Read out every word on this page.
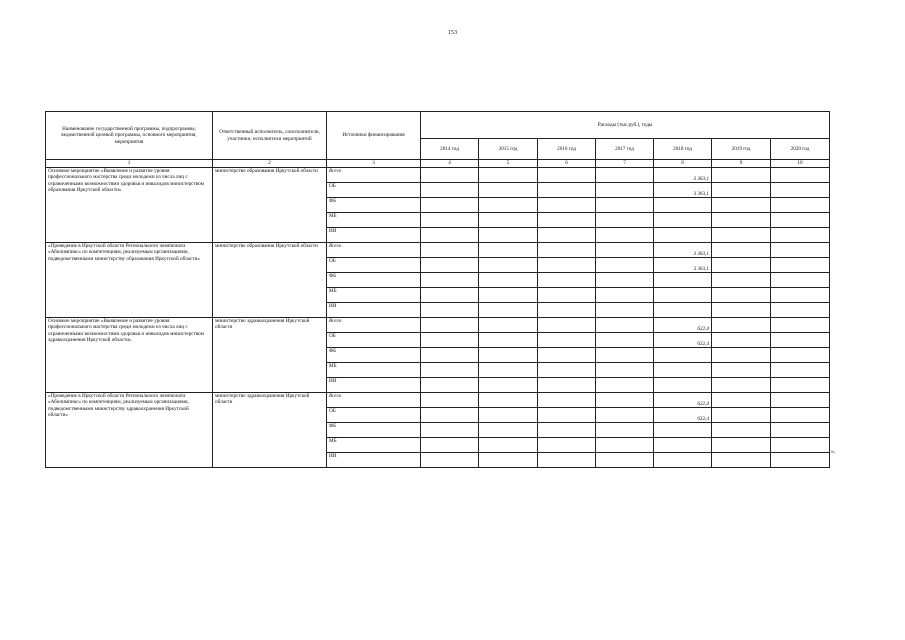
153
Наименование государственной программы, подпрограммы, ведомственной целевой программы, основного мероприятия, мероприятия	Ответственный исполнитель, соисполнители, участники, исполнители мероприятий	Источники финансирования	Расходы (тыс.руб.), годы						
			2014 год	2015 год	2016 год	2017 год	2018 год	2019 год	2020 год
1	2	3	4	5	6	7	8	9	10
Основное мероприятие «Выявление и развитие уровня профессионального мастерства среди молодежи из числа лиц с ограниченными возможностями здоровья и инвалидов министерством образования Иркутской области»	министерство образования Иркутской области	Всего					3 363,1		
		ОБ					3 363,1		
		ФБ							
		МБ							
		ИИ							
«Проведение в Иркутской области Регионального чемпионата «Абилимпикс» по компетенциям, реализуемым организациями, подведомственными министерству образования Иркутской области»	министерство образования Иркутской области	Всего					3 363,1		
		ОБ					3 363,1		
		ФБ							
		МБ							
		ИИ							
Основное мероприятие «Выявление и развитие уровня профессионального мастерства среди молодежи из числа лиц с ограниченными возможностями здоровья и инвалидов министерством здравоохранения Иркутской области»	министерство здравоохранения Иркутской области	Всего					622,4		
		ОБ					622,4		
		ФБ							
		МБ							
		ИИ							
«Проведение в Иркутской области Регионального чемпионата «Абилимпикс» по компетенциям, реализуемым организациями, подведомственными министерству здравоохранения Иркутской области»	министерство здравоохранения Иркутской области	Всего					622,4		
		ОБ					622,4		
		ФБ							
		МБ							
		ИИ							
».
